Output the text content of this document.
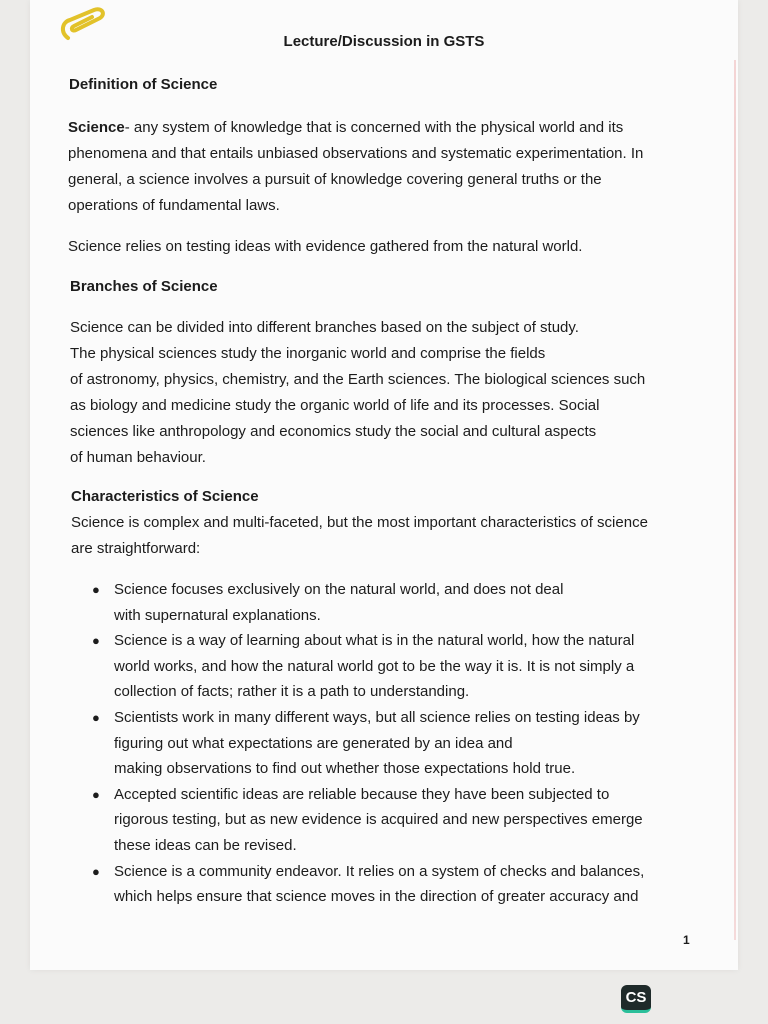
Lecture/Discussion in GSTS
Definition of Science

Science- any system of knowledge that is concerned with the physical world and its
phenomena and that entails unbiased observations and systematic experimentation. In
general, a science involves a pursuit of knowledge covering general truths or the
operations of fundamental laws.

Science relies on testing ideas with evidence gathered from the natural world.

Branches of Science

Science can be divided into different branches based on the subject of study.
The physical sciences study the inorganic world and comprise the fields
of astronomy, physics, chemistry, and the Earth sciences. The biological sciences such
as biology and medicine study the organic world of life and its processes. Social
sciences like anthropology and economics study the social and cultural aspects
of human behaviour.

Characteristics of Science

Science is complex and multi-faceted, but the most important characteristics of science
are straightforward:

● Science focuses exclusively on the natural world, and does not deal
with supernatural explanations.
● Science is a way of learning about what is in the natural world, how the natural
world works, and how the natural world got to be the way it is. It is not simply a
collection of facts; rather it is a path to understanding.
● Scientists work in many different ways, but all science relies on testing ideas by
figuring out what expectations are generated by an idea and
making observations to find out whether those expectations hold true.
● Accepted scientific ideas are reliable because they have been subjected to
rigorous testing, but as new evidence is acquired and new perspectives emerge
these ideas can be revised.
● Science is a community endeavor. It relies on a system of checks and balances,
which helps ensure that science moves in the direction of greater accuracy and
1
CS
